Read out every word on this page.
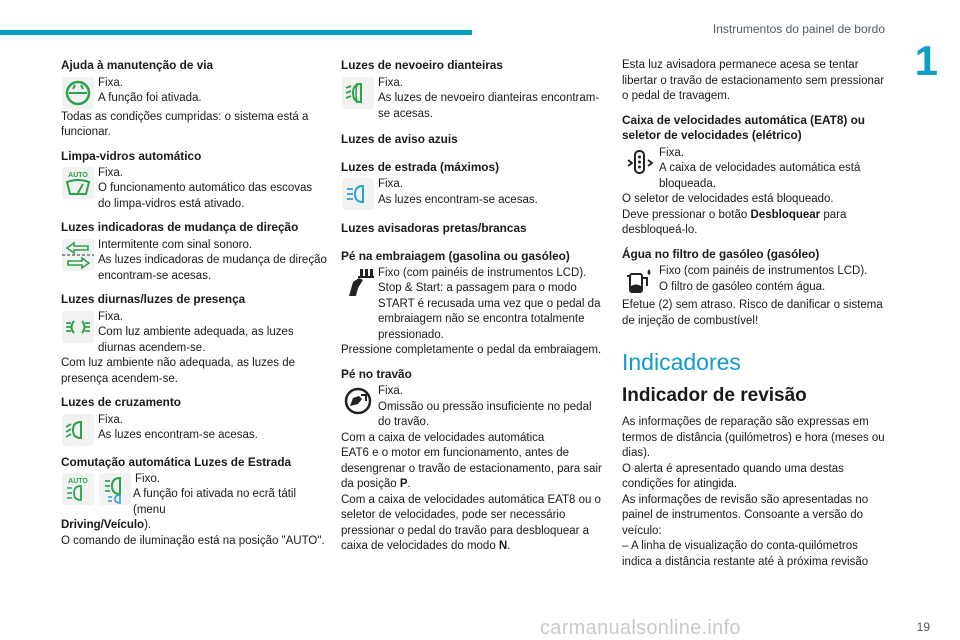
Instrumentos do painel de bordo
1
Ajuda à manutenção de via

Fixa.

A função foi ativada.

Todas as condições cumpridas: o sistema está a funcionar.

Limpa-vidros automático
AUTO Fixa.

O funcionamento automático das escovas do limpa-vidros está ativado.

Luzes indicadoras de mudança de direção

Intermitente com sinal sonoro.

As luzes indicadoras de mudança de direção encontram-se acesas.

Luzes diurnas/luzes de presença

Fixa.

Com luz ambiente adequada, as luzes diurnas acendem-se.

Com luz ambiente não adequada, as luzes de presença acendem-se.

Luzes de cruzamento

Fixa.

As luzes encontram-se acesas.

Comutação automática Luzes de Estrada
AUTO	Fixo.

A função foi ativada no ecrã tátil (menu

Driving/Veículo).

O comando de iluminação está na posição "AUTO".

Luzes de nevoeiro dianteiras

Fixa.

As luzes de nevoeiro dianteiras encontram-se acesas.

Luzes de aviso azuis
Luzes de estrada (máximos)

Fixa.

As luzes encontram-se acesas.

Luzes avisadoras pretas/brancas
Pé na embraiagem (gasolina ou gasóleo)

Fixo (com painéis de instrumentos LCD).

Stop & Start: a passagem para o modo START é recusada uma vez que o pedal da embraiagem não se encontra totalmente pressionado.

Pressione completamente o pedal da embraiagem.

Pé no travão

Fixa.

Omissão ou pressão insuficiente no pedal do travão.

Com a caixa de velocidades automática

EAT6 e o motor em funcionamento, antes de desengrenar o travão de estacionamento, para sair da posição P.

Com a caixa de velocidades automática EAT8 ou o seletor de velocidades, pode ser necessário pressionar o pedal do travão para desbloquear a caixa de velocidades do modo N.

Esta luz avisadora permanece acesa se tentar libertar o travão de estacionamento sem pressionar o pedal de travagem.

Caixa de velocidades automática (EAT8) ou seletor de velocidades (elétrico)

Fixa.

A caixa de velocidades automática está bloqueada.

O seletor de velocidades está bloqueado.

Deve pressionar o botão Desbloquear para desbloqueá-lo.

Água no filtro de gasóleo (gasóleo)

Fixo (com painéis de instrumentos LCD).

O filtro de gasóleo contém água.

Efetue (2) sem atraso. Risco de danificar o sistema de injeção de combustível!

Indicadores
Indicador de revisão

As informações de reparação são expressas em termos de distância (quilómetros) e hora (meses ou dias).

O alerta é apresentado quando uma destas condições for atingida.

As informações de revisão são apresentadas no painel de instrumentos. Consoante a versão do veículo:

– A linha de visualização do conta-quilómetros indica a distância restante até à próxima revisão

carmanualsonline.info	19
